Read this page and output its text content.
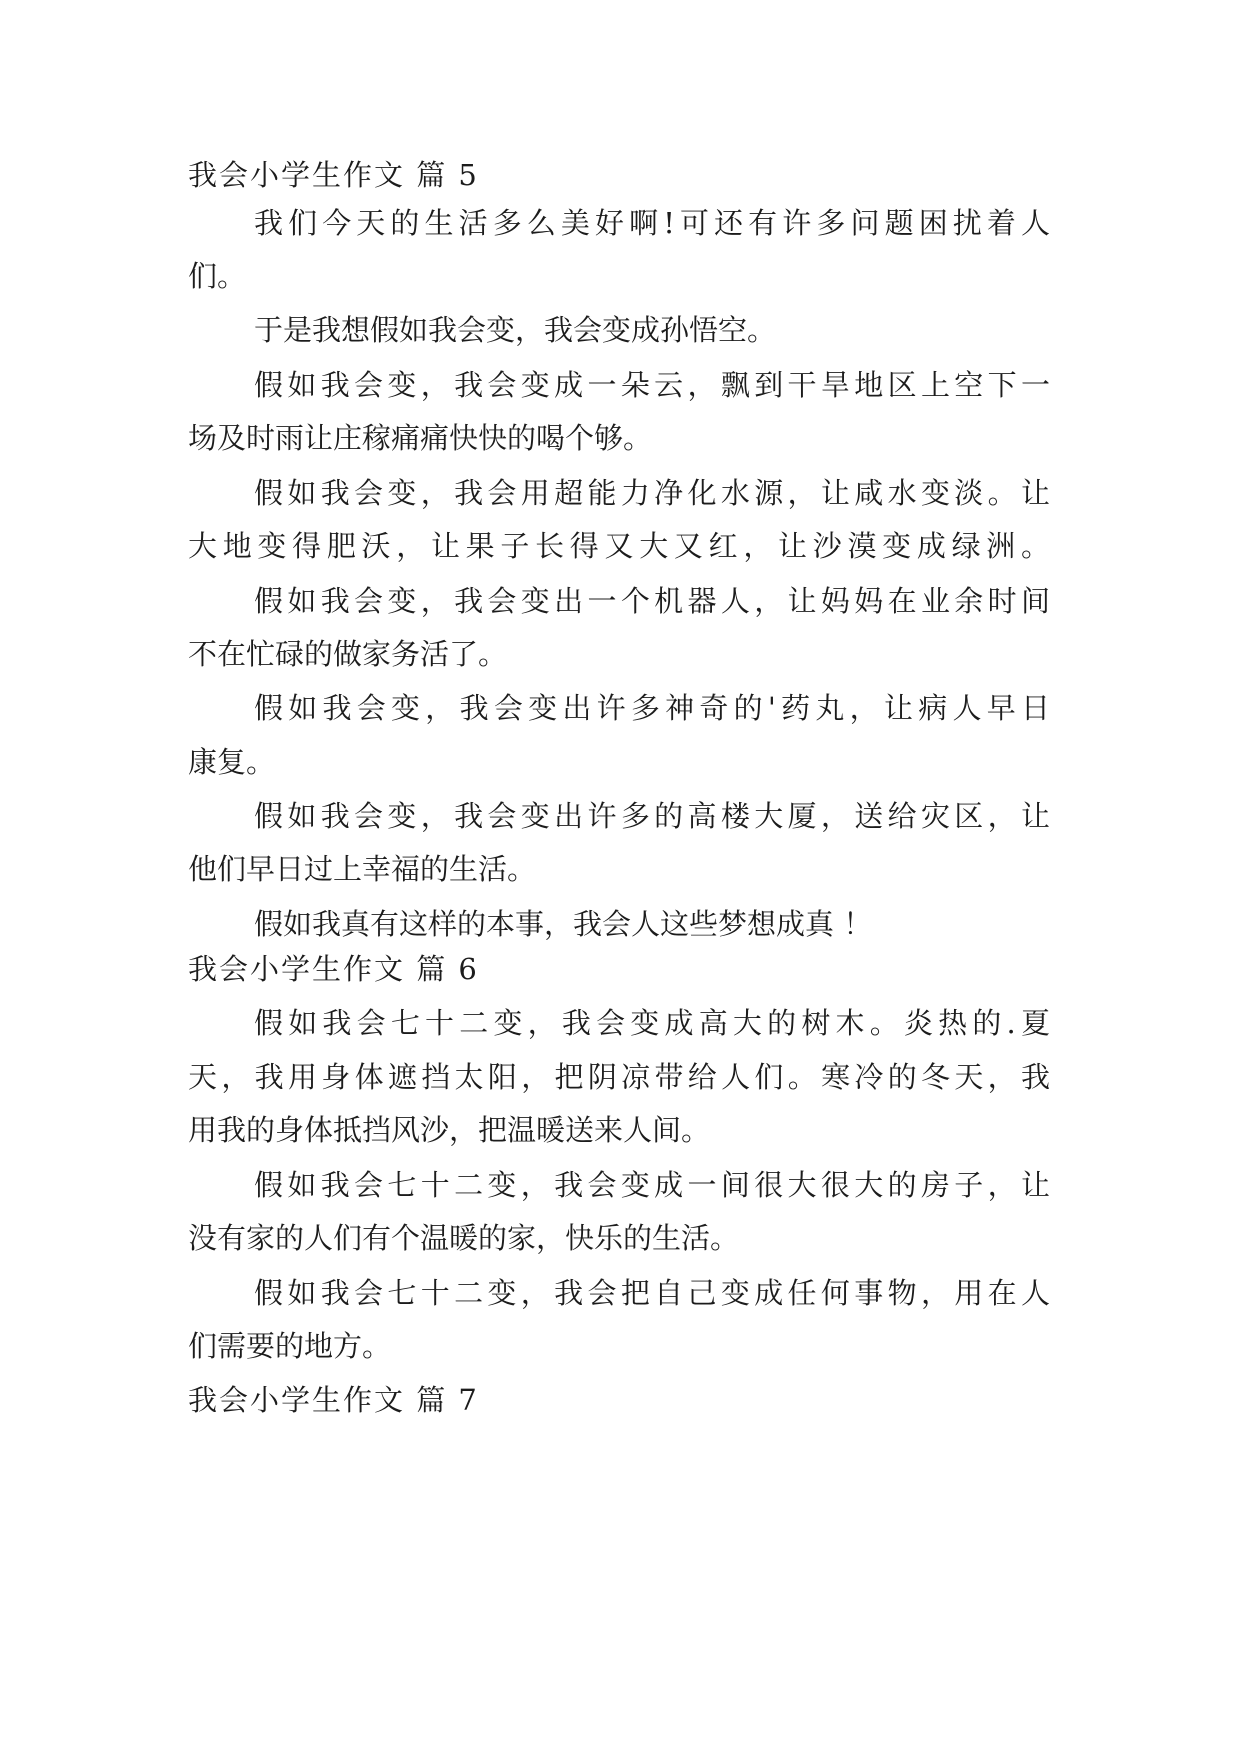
我会小学生作文 篇 5
我们今天的生活多么美好啊!可还有许多问题困扰着人
们。
于是我想假如我会变，我会变成孙悟空。
假如我会变，我会变成一朵云，飘到干旱地区上空下一
场及时雨让庄稼痛痛快快的喝个够。
假如我会变，我会用超能力净化水源，让咸水变淡。让
大地变得肥沃，让果子长得又大又红，让沙漠变成绿洲。
假如我会变，我会变出一个机器人，让妈妈在业余时间
不在忙碌的做家务活了。
假如我会变，我会变出许多神奇的'药丸，让病人早日
康复。
假如我会变，我会变出许多的高楼大厦，送给灾区，让
他们早日过上幸福的生活。
假如我真有这样的本事，我会人这些梦想成真 ！
我会小学生作文 篇 6
假如我会七十二变，我会变成高大的树木。炎热的.夏
天，我用身体遮挡太阳，把阴凉带给人们。寒冷的冬天，我
用我的身体抵挡风沙，把温暖送来人间。
假如我会七十二变，我会变成一间很大很大的房子，让
没有家的人们有个温暖的家，快乐的生活。
假如我会七十二变，我会把自己变成任何事物，用在人
们需要的地方。
我会小学生作文 篇 7
